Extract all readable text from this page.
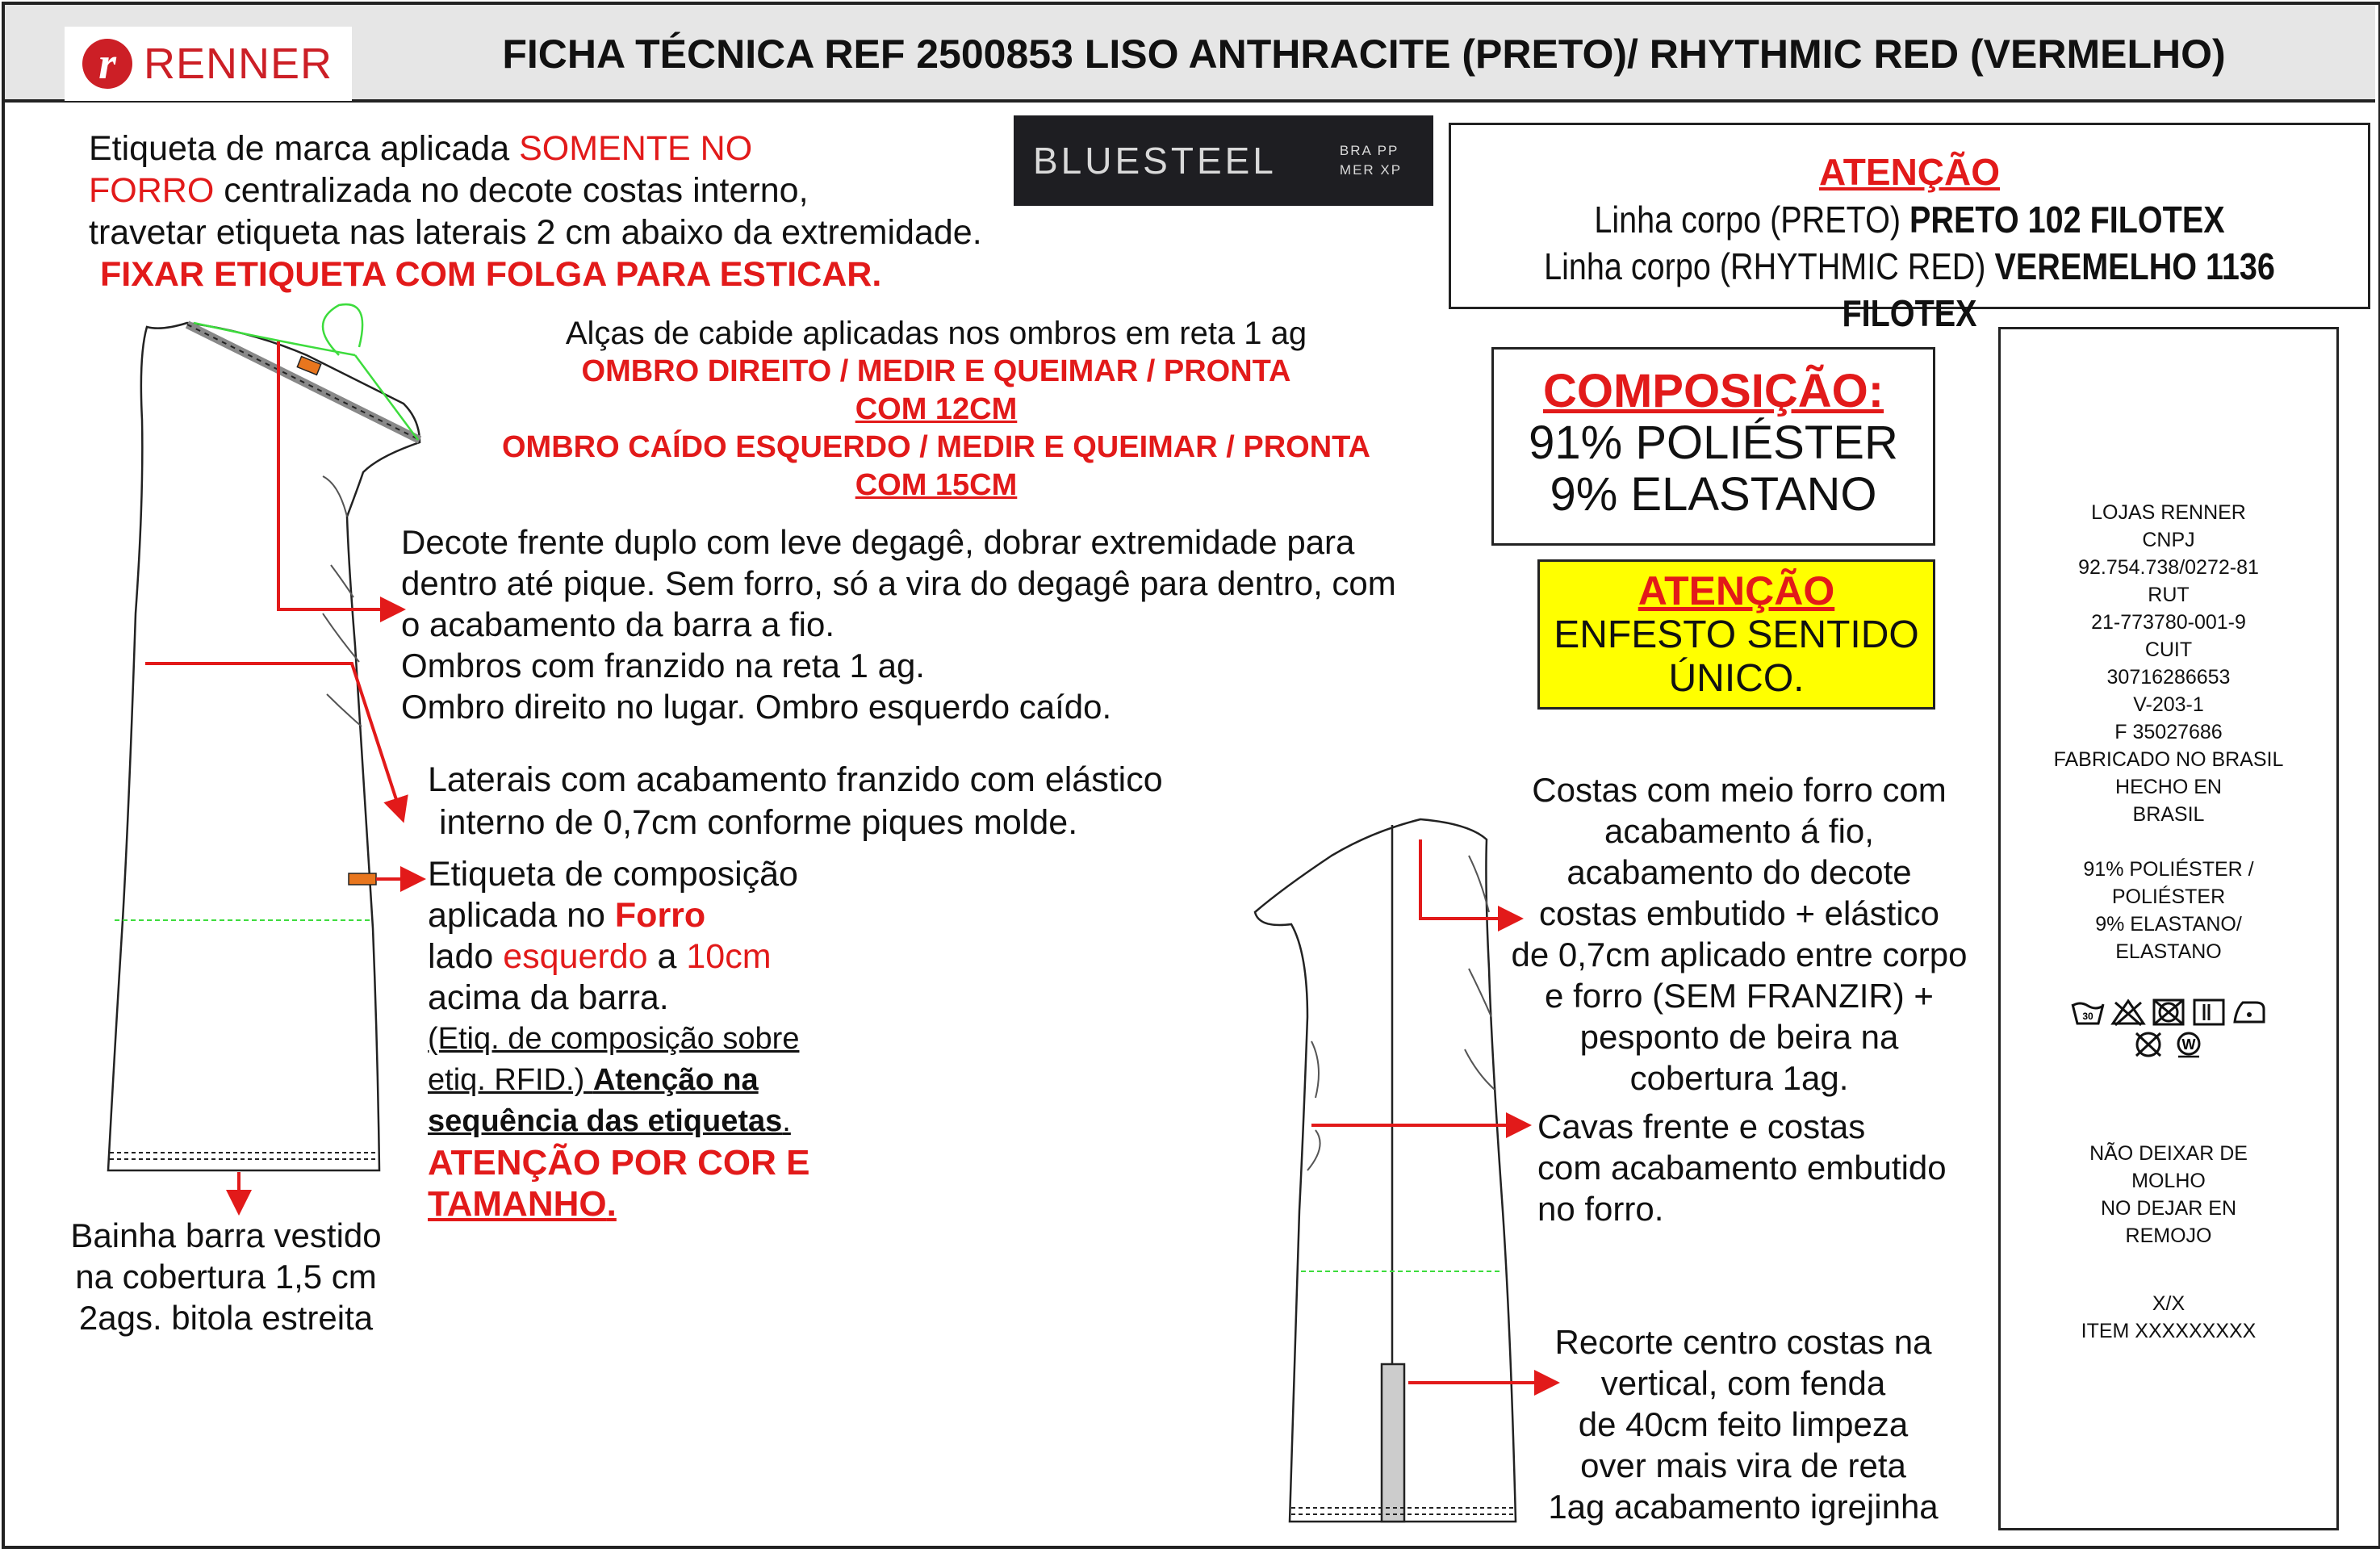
r RENNER	FICHA TÉCNICA REF 2500853 LISO ANTHRACITE (PRETO)/ RHYTHMIC RED (VERMELHO)
Etiqueta de marca aplicada SOMENTE NO
FORRO centralizada no decote costas interno,
travetar etiqueta nas laterais 2 cm abaixo da extremidade.
FIXAR ETIQUETA COM FOLGA PARA ESTICAR.
BLUESTEEL	BRA PP
MER XP	ATENÇÃO
Linha corpo (PRETO) PRETO 102 FILOTEX
Linha corpo (RHYTHMIC RED) VEREMELHO 1136 FILOTEX
COMPOSIÇÃO:
91% POLIÉSTER
9% ELASTANO
ATENÇÃO
ENFESTO SENTIDO
ÚNICO.
Alças de cabide aplicadas nos ombros em reta 1 ag
OMBRO DIREITO / MEDIR E QUEIMAR / PRONTA
COM 12CM
OMBRO CAÍDO ESQUERDO / MEDIR E QUEIMAR / PRONTA
COM 15CM
Decote frente duplo com leve degagê, dobrar extremidade para
dentro até pique. Sem forro, só a vira do degagê para dentro, com
o acabamento da barra a fio.
Ombros com franzido na reta 1 ag.
Ombro direito no lugar. Ombro esquerdo caído.
Laterais com acabamento franzido com elástico
interno de 0,7cm conforme piques molde.
Etiqueta de composição
aplicada no Forro
lado esquerdo a 10cm
acima da barra.
(Etiq. de composição sobre
etiq. RFID.) Atenção na
sequência das etiquetas.
ATENÇÃO POR COR E
TAMANHO.
Bainha barra vestido
na cobertura 1,5 cm
2ags. bitola estreita
Costas com meio forro com
acabamento á fio,
acabamento do decote
costas embutido + elástico
de 0,7cm aplicado entre corpo
e forro (SEM FRANZIR) +
pesponto de beira na
cobertura 1ag.
Cavas frente e costas
com acabamento embutido
no forro.
Recorte centro costas na
vertical, com fenda
de 40cm feito limpeza
over mais vira de reta
1ag acabamento igrejinha
LOJAS RENNER
CNPJ
92.754.738/0272-81
RUT
21-773780-001-9
CUIT
30716286653
V-203-1
F 35027686
FABRICADO NO BRASIL
HECHO EN
BRASIL
91% POLIÉSTER /
POLIÉSTER
9% ELASTANO/
ELASTANO
30
W
NÃO DEIXAR DE
MOLHO
NO DEJAR EN
REMOJO
X/X
ITEM XXXXXXXXX
